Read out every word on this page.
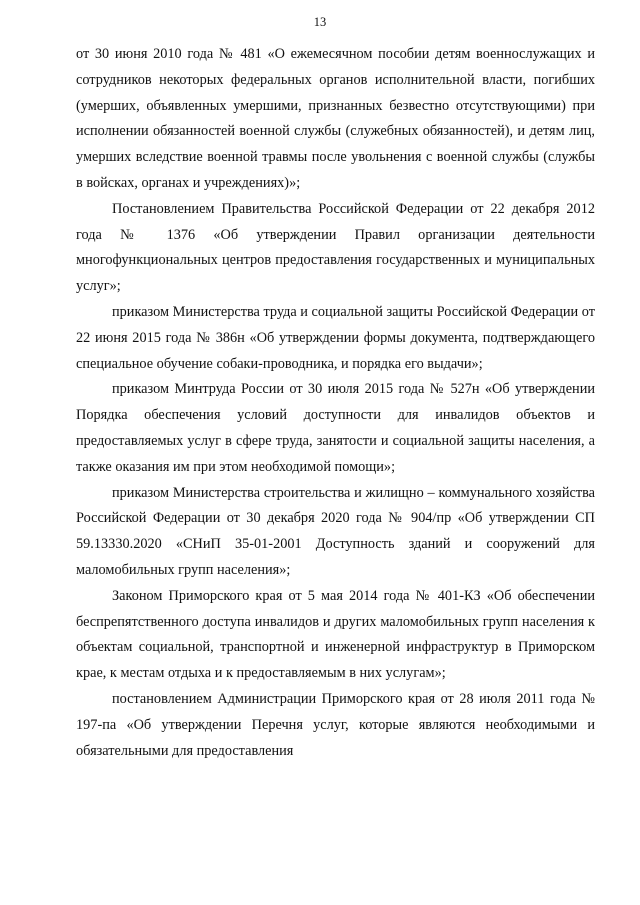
13

от 30 июня 2010 года № 481 «О ежемесячном пособии детям военнослужащих и сотрудников некоторых федеральных органов исполнительной власти, погибших (умерших, объявленных умершими, признанных безвестно отсутствующими) при исполнении обязанностей военной службы (служебных обязанностей), и детям лиц, умерших вследствие военной травмы после увольнения с военной службы (службы в войсках, органах и учреждениях)»;

Постановлением Правительства Российской Федерации от 22 декабря 2012 года № 1376 «Об утверждении Правил организации деятельности многофункциональных центров предоставления государственных и муниципальных услуг»;

приказом Министерства труда и социальной защиты Российской Федерации от 22 июня 2015 года № 386н «Об утверждении формы документа, подтверждающего специальное обучение собаки-проводника, и порядка его выдачи»;

приказом Минтруда России от 30 июля 2015 года № 527н «Об утверждении Порядка обеспечения условий доступности для инвалидов объектов и предоставляемых услуг в сфере труда, занятости и социальной защиты населения, а также оказания им при этом необходимой помощи»;

приказом Министерства строительства и жилищно – коммунального хозяйства Российской Федерации от 30 декабря 2020 года № 904/пр «Об утверждении СП 59.13330.2020 «СНиП 35-01-2001 Доступность зданий и сооружений для маломобильных групп населения»;

Законом Приморского края от 5 мая 2014 года № 401-КЗ «Об обеспечении беспрепятственного доступа инвалидов и других маломобильных групп населения к объектам социальной, транспортной и инженерной инфраструктур в Приморском крае, к местам отдыха и к предоставляемым в них услугам»;

постановлением Администрации Приморского края от 28 июля 2011 года № 197-па «Об утверждении Перечня услуг, которые являются необходимыми и обязательными для предоставления
